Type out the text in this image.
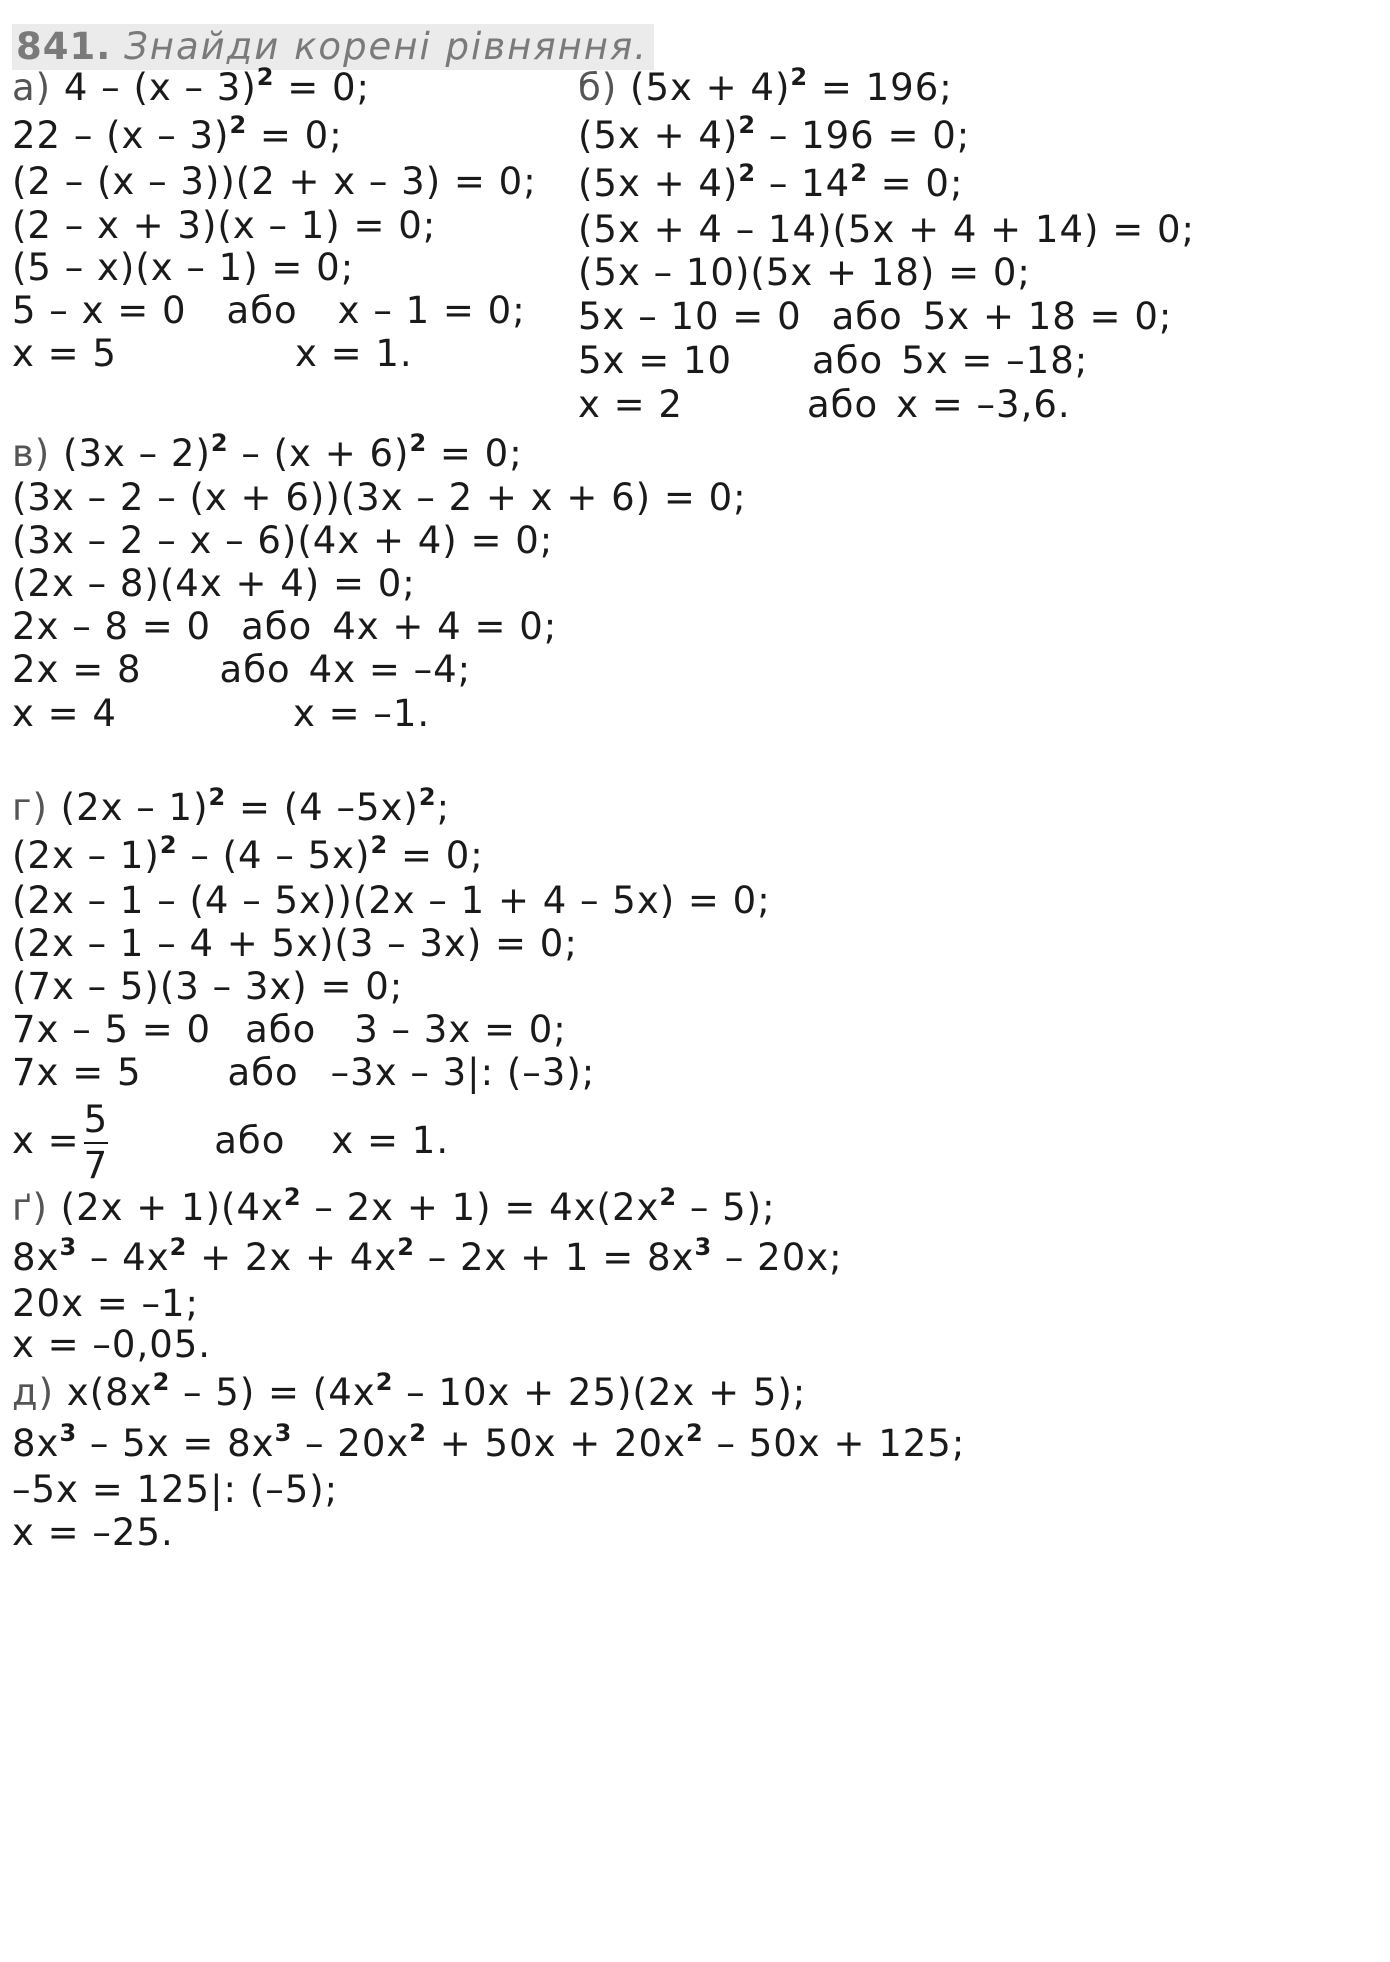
841. Знайди корені рівняння.
а) 4 – (x – 3)$^2$ = 0;
22 – (x – 3)$^2$ = 0;
(2 – (x – 3))(2 + x – 3) = 0;
(2 – x + 3)(x – 1) = 0;
(5 – x)(x – 1) = 0;
5 – x = 0 або x – 1 = 0;
x = 5	x = 1.
б) $(5x + 4)^2 = 196$;
$(5x + 4)^2 - 196 = 0$;
$(5x + 4)^2 - 14^2 = 0$;
(5x + 4 – 14)(5x + 4 + 14) = 0;
(5x – 10)(5x + 18) = 0;
5x – 10 = 0 або 5x + 18 = 0;
5x = 10 або 5x = –18;
x = 2	або x = –3,6.
в) $(3x - 2)^2 - (x + 6)^2 = 0$;
(3x – 2 – (x + 6))(3x – 2 + x + 6) = 0;
(3x – 2 – x – 6)(4x + 4) = 0;
(2x – 8)(4x + 4) = 0;
2x – 8 = 0 або 4x + 4 = 0;
2x = 8 або 4x = –4;
x = 4	x = –1.
г) (2x – 1)$^2$ = (4 –5x)$^2$;
(2x – 1)$^2$ – (4 – 5x)$^2$ = 0;
(2x – 1 – (4 – 5x))(2x – 1 + 4 – 5x) = 0;
(2x – 1 – 4 + 5x)(3 – 3x) = 0;
(7x – 5)(3 – 3x) = 0;
7x – 5 = 0 або 3 – 3x = 0;
7x = 5 або –3x – 3|: (–3);
$x = \frac{5}{7}$	або x = 1.
ґ) $(2x + 1)(4x^2 - 2x + 1) = 4x(2x^2 - 5)$;
$8x^3 - 4x^2 + 2x + 4x^2 - 2x + 1 = 8x^3 - 20x$;
20x = –1;
x = –0,05.
д) $x(8x^2 - 5) = (4x^2 - 10x + 25)(2x + 5)$;
$8x^3 - 5x = 8x^3 - 20x^2 + 50x + 20x^2 - 50x + 125$;
–5x = 125|: (–5);
x = –25.
